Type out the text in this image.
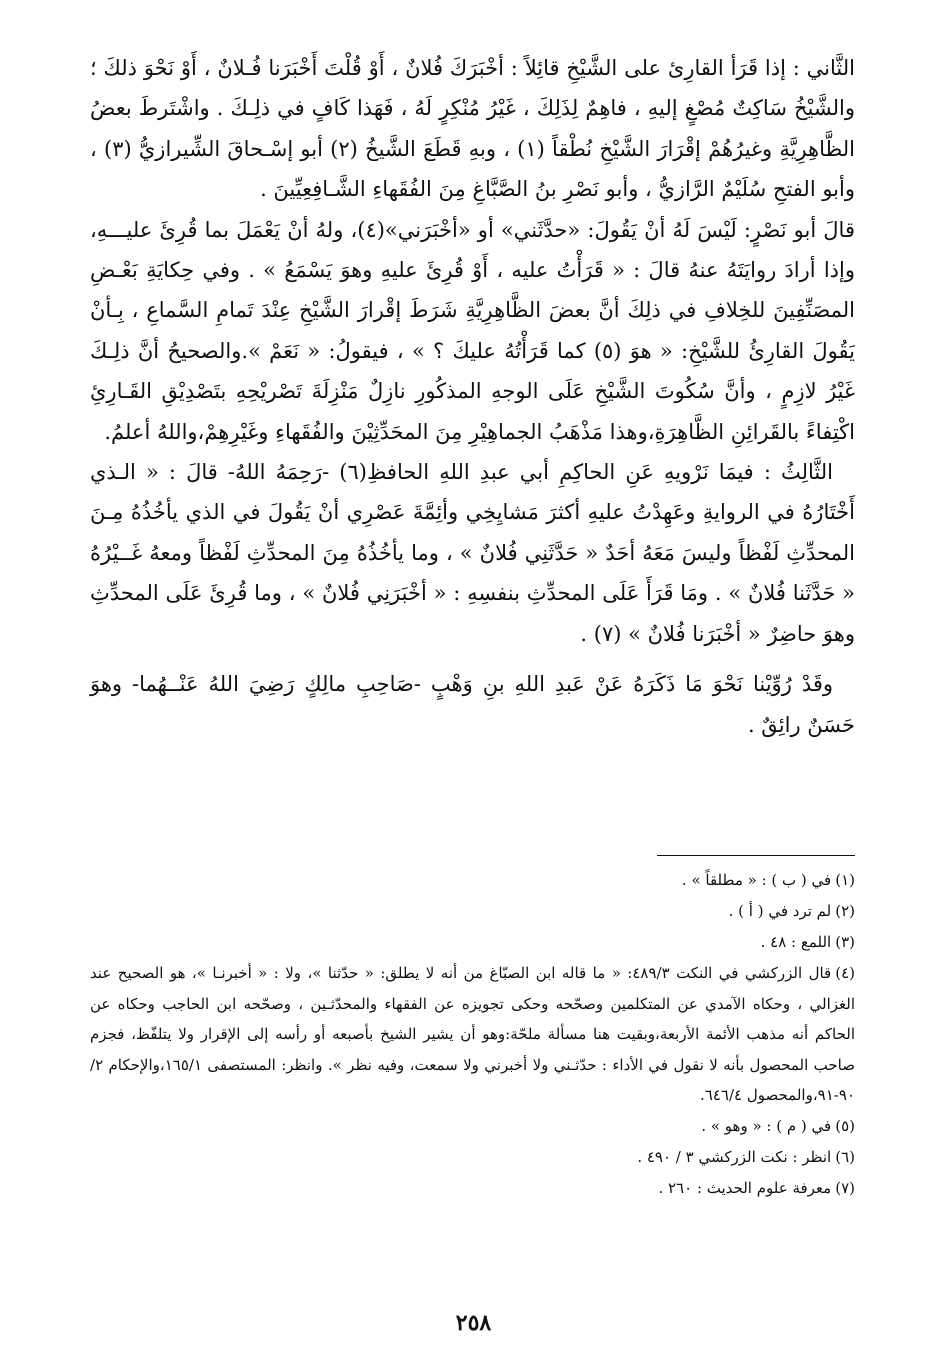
الثَّاني : إذا قَرَأ القارِئ على الشَّيْخِ قائِلاً : أخْبَرَكَ فُلانٌ ، أَوْ قُلْتَ أَخْبَرَنا فُـلانٌ ، أَوْ نَحْوَ ذلكَ ؛ والشَّيْخُ سَاكِتٌ مُصْغٍ إليهِ ، فاهِمٌ لِذَلِكَ ، غَيْرُ مُنْكِرٍ لَهُ ، فَهَذا كَافٍ في ذلِـكَ . واشْتَرطَ بعضُ الظَّاهِرِيَّةِ وغيرُهُمْ إقْرَارَ الشَّيْخِ نُطْقاً (١) ، وبهِ قَطَعَ الشَّيخُ (٢) أبو إسْـحاقَ الشِّيرازيُّ (٣) ، وأبو الفتحِ سُلَيْمٌ الرَّازيُّ ، وأبو نَصْرِ بنُ الصَّبَّاغِ مِنَ الفُقَهاءِ الشَّـافِعِيِّينَ .

قالَ أبو نَصْرٍ: لَيْسَ لَهُ أنْ يَقُولَ: «حدَّثَني» أو «أخْبَرَني»(٤)، ولهُ أنْ يَعْمَلَ بما قُرِئَ عليـــهِ، وإذا أرادَ روايَتَهُ عنهُ قالَ : « قَرَأْتُ عليه ، أَوْ قُرِئَ عليهِ وهوَ يَسْمَعُ » . وفي حِكايَةِ بَعْـضِ المصَنِّفِينَ للخِلافِ في ذلِكَ أنَّ بعضَ الظَّاهِرِيَّةِ شَرَطَ إقْرارَ الشَّيْخِ عِنْدَ تَمامِ السَّماعِ ، بِـأنْ يَقُولَ القارِئُ للشَّيْخِ: « هوَ (٥) كما قَرَأْتُهُ عليكَ ؟ » ، فيقولُ: « نَعَمْ ».والصحيحُ أنَّ ذلِـكَ غَيْرُ لازِمٍ ، وأنَّ سُكُوتَ الشَّيْخِ عَلَى الوجهِ المذكُورِ نازِلٌ مَنْزِلَةَ تَصْريْحِهِ بتَصْدِيْقِ القَـارِئِ اكْتِفاءً بالقَرائِنِ الظَّاهِرَةِ،وهذا مَذْهَبُ الجماهِيْرِ مِنَ المحَدِّثِيْنَ والفُقَهاءِ وغَيْرِهِمْ،واللهُ أعلمُ.

الثَّالِثُ : فيمَا نَرْويهِ عَنِ الحاكِمِ أبي عبدِ اللهِ الحافظِ(٦) -رَحِمَهُ اللهُ- قالَ : « الـذي أَخْتَارُهُ في الروايةِ وعَهِدْتُ عليهِ أكثرَ مَشايِخِي وأئِمَّةَ عَصْرِي أنْ يَقُولَ في الذي يأخُذُهُ مِـنَ المحدِّثِ لَفْظاً وليسَ مَعَهُ أحَدٌ « حَدَّثَنِي فُلانٌ » ، وما يأخُذُهُ مِنَ المحدِّثِ لَفْظاً ومعهُ غَــيْرُهُ « حَدَّثَنا فُلانٌ » . ومَا قَرَأَ عَلَى المحدِّثِ بنفسِهِ : « أخْبَرَنِي فُلانٌ » ، وما قُرِئَ عَلَى المحدِّثِ وهوَ حاضِرٌ « أخْبَرَنا فُلانٌ » (٧) .

وقَدْ رُوِّيْنا نَحْوَ مَا ذَكَرَهُ عَنْ عَبدِ اللهِ بنِ وَهْبٍ -صَاحِبِ مالِكٍ رَضِيَ اللهُ عَنْــهُما- وهوَ حَسَنٌ رائِقٌ .

(١)في ( ب ) : « مطلقاً » .
(٢)لم ترد في ( أ ) .
(٣)اللمع : ٤٨ .
(٤)قال الزركشي في النكت ٤٨٩/٣: « ما قاله ابن الصبّاغ من أنه لا يطلق: « حدّثنا »، ولا : « أخبرنـا »، هو الصحيح عند الغزالي ، وحكاه الآمدي عن المتكلمين وصحّحه وحكى تجويزه عن الفقهاء والمحدّثـين ، وصحّحه ابن الحاجب وحكاه عن الحاكم أنه مذهب الأئمة الأربعة،وبقيت هنا مسألة ملحّة:وهو أن يشير الشيخ بأصبعه أو رأسه إلى الإقرار ولا يتلفّظ، فجزم صاحب المحصول بأنه لا نقول في الأداء : حدّثـني ولا أخبرني ولا سمعت، وفيه نظر ». وانظر: المستصفى ١٦٥/١،والإحكام ٢/ ٩٠-٩١،والمحصول ٦٤٦/٤.
(٥)في ( م ) : « وهو » .
(٦)انظر : نكت الزركشي ٣ / ٤٩٠ .
(٧)معرفة علوم الحديث : ٢٦٠ .
٢٥٨
